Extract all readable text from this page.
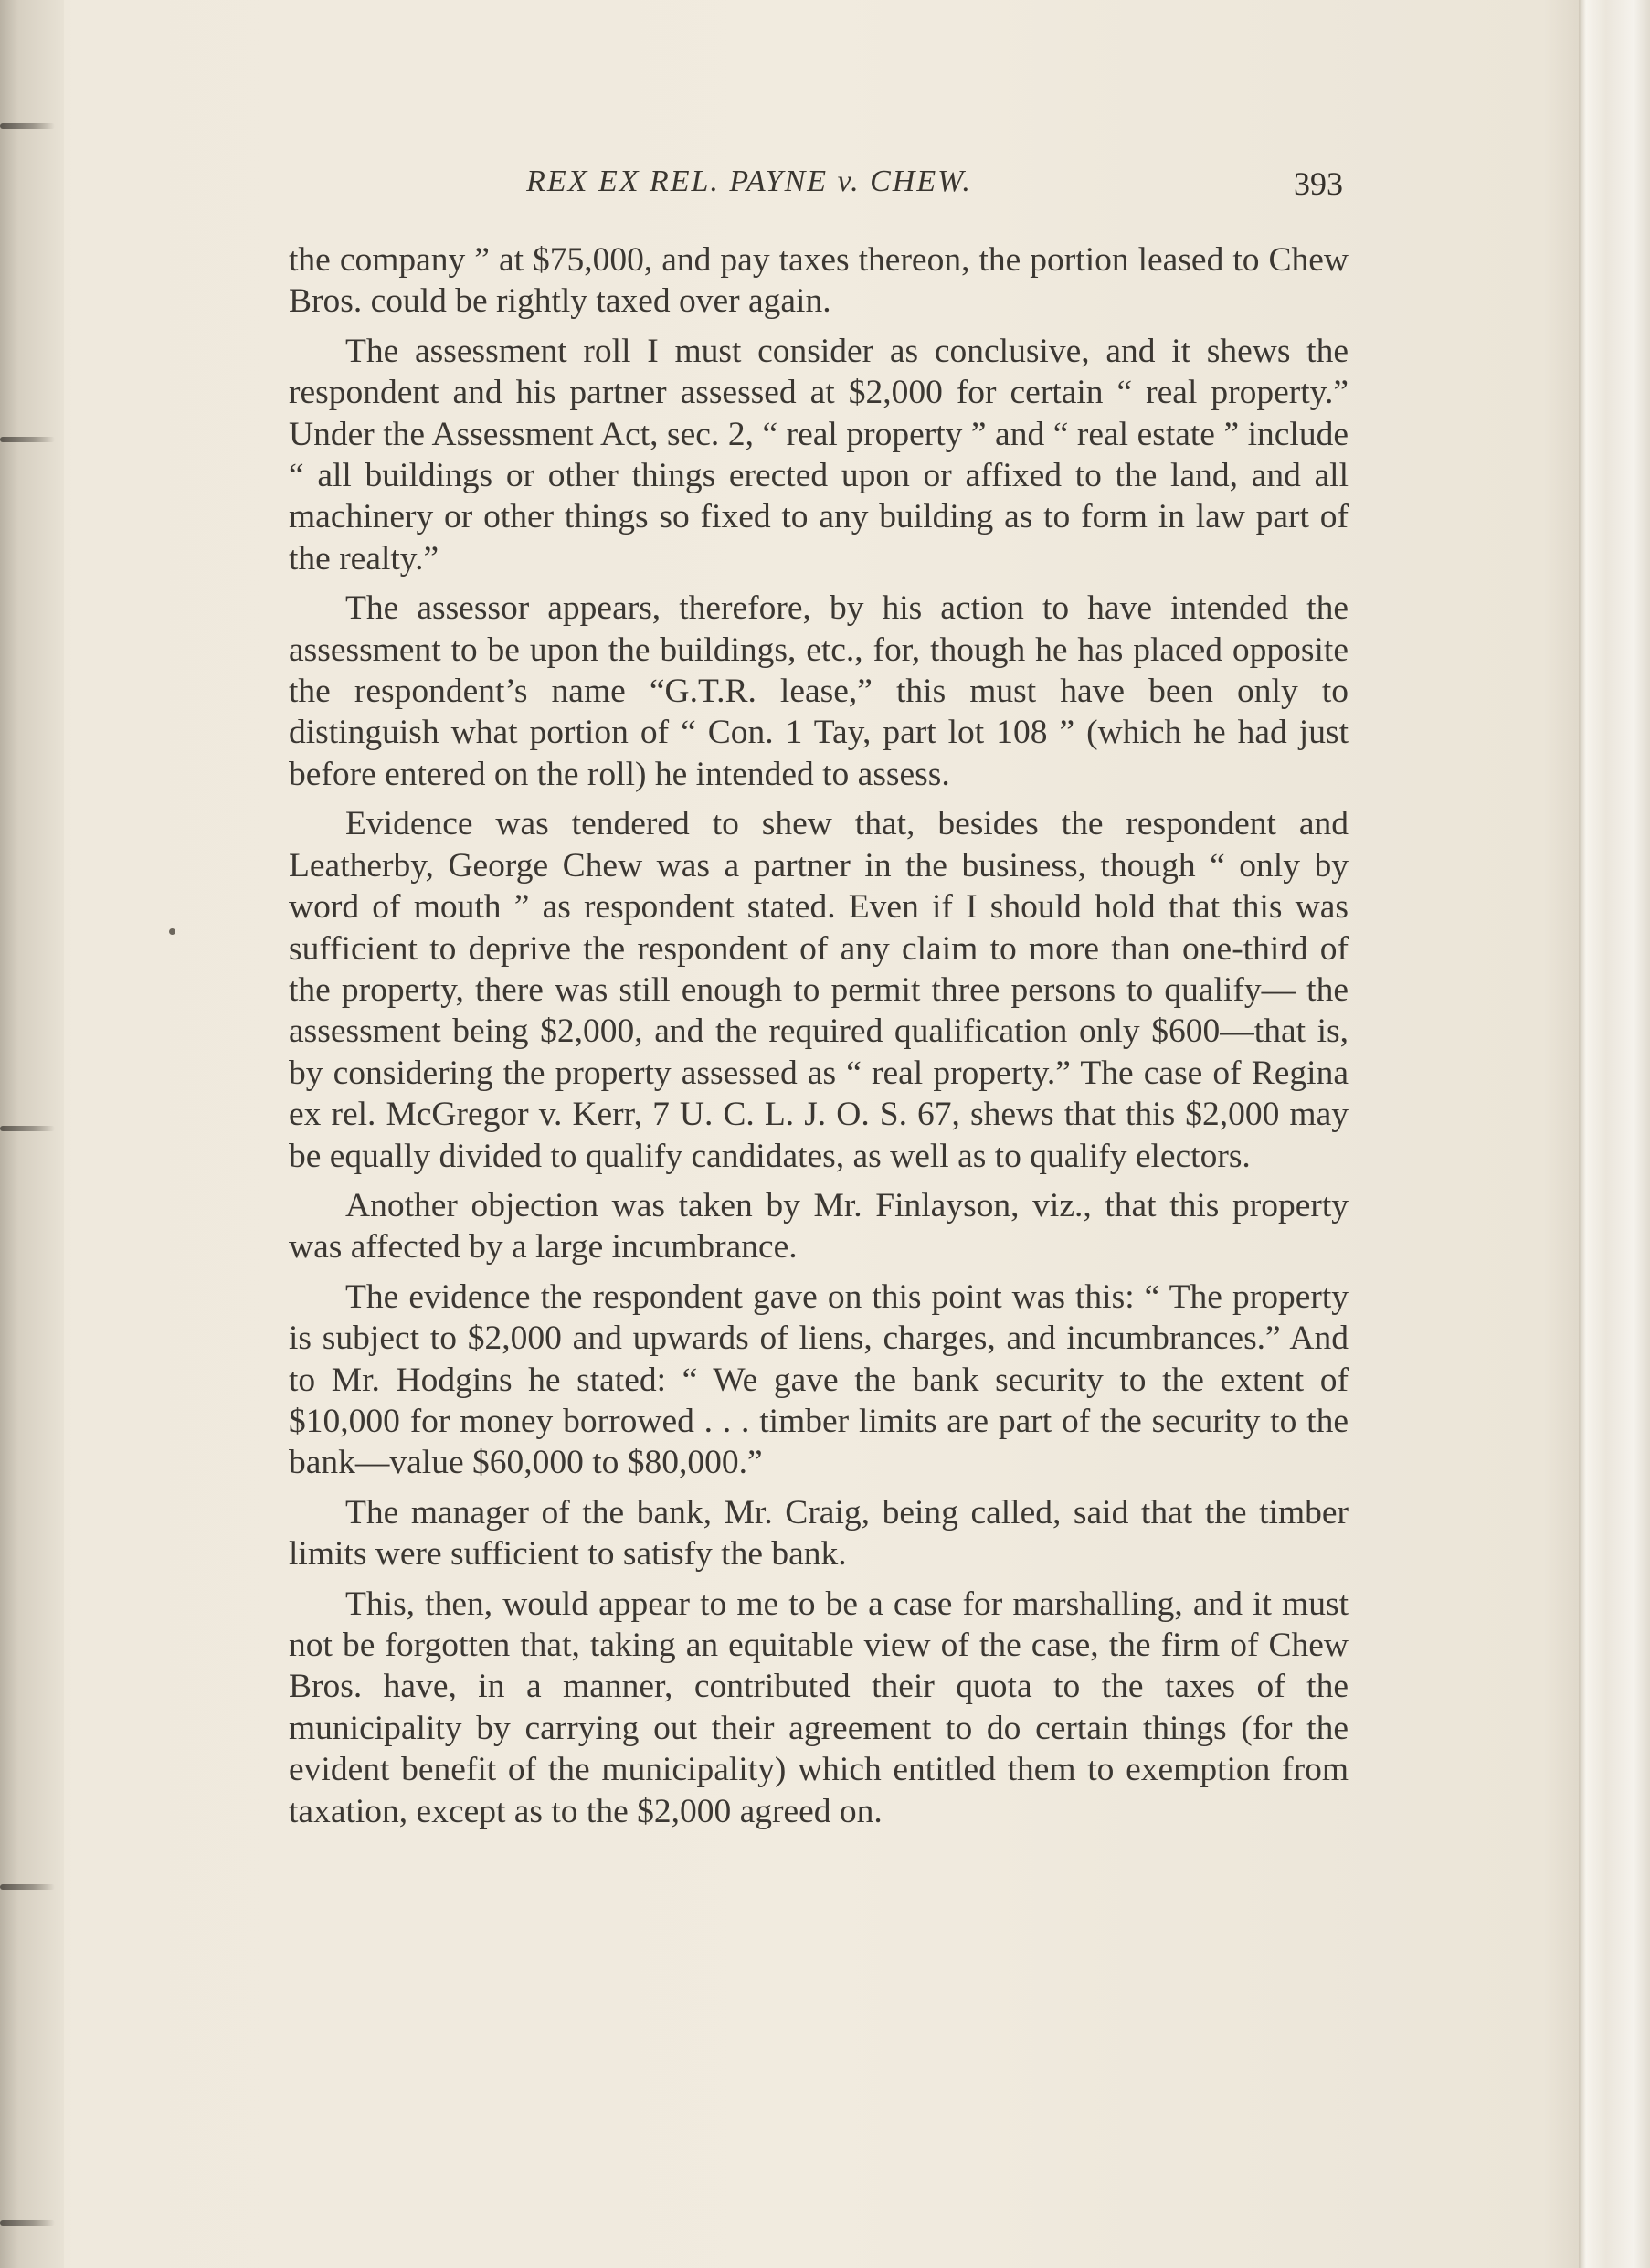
REX EX REL. PAYNE v. CHEW.	393

the company ” at $75,000, and pay taxes thereon, the portion leased to Chew Bros. could be rightly taxed over again.

The assessment roll I must consider as conclusive, and it shews the respondent and his partner assessed at $2,000 for certain “ real property.” Under the Assessment Act, sec. 2, “ real property ” and “ real estate ” include “ all buildings or other things erected upon or affixed to the land, and all machinery or other things so fixed to any building as to form in law part of the realty.”

The assessor appears, therefore, by his action to have intended the assessment to be upon the buildings, etc., for, though he has placed opposite the respondent’s name “G.T.R. lease,” this must have been only to distinguish what portion of “ Con. 1 Tay, part lot 108 ” (which he had just before entered on the roll) he intended to assess.

Evidence was tendered to shew that, besides the respondent and Leatherby, George Chew was a partner in the business, though “ only by word of mouth ” as respondent stated. Even if I should hold that this was sufficient to deprive the respondent of any claim to more than one-third of the property, there was still enough to permit three persons to qualify— the assessment being $2,000, and the required qualification only $600—that is, by considering the property assessed as “ real property.” The case of Regina ex rel. McGregor v. Kerr, 7 U. C. L. J. O. S. 67, shews that this $2,000 may be equally divided to qualify candidates, as well as to qualify electors.

Another objection was taken by Mr. Finlayson, viz., that this property was affected by a large incumbrance.

The evidence the respondent gave on this point was this: “ The property is subject to $2,000 and upwards of liens, charges, and incumbrances.” And to Mr. Hodgins he stated: “ We gave the bank security to the extent of $10,000 for money borrowed . . . timber limits are part of the security to the bank—value $60,000 to $80,000.”

The manager of the bank, Mr. Craig, being called, said that the timber limits were sufficient to satisfy the bank.

This, then, would appear to me to be a case for marshalling, and it must not be forgotten that, taking an equitable view of the case, the firm of Chew Bros. have, in a manner, contributed their quota to the taxes of the municipality by carrying out their agreement to do certain things (for the evident benefit of the municipality) which entitled them to exemption from taxation, except as to the $2,000 agreed on.
